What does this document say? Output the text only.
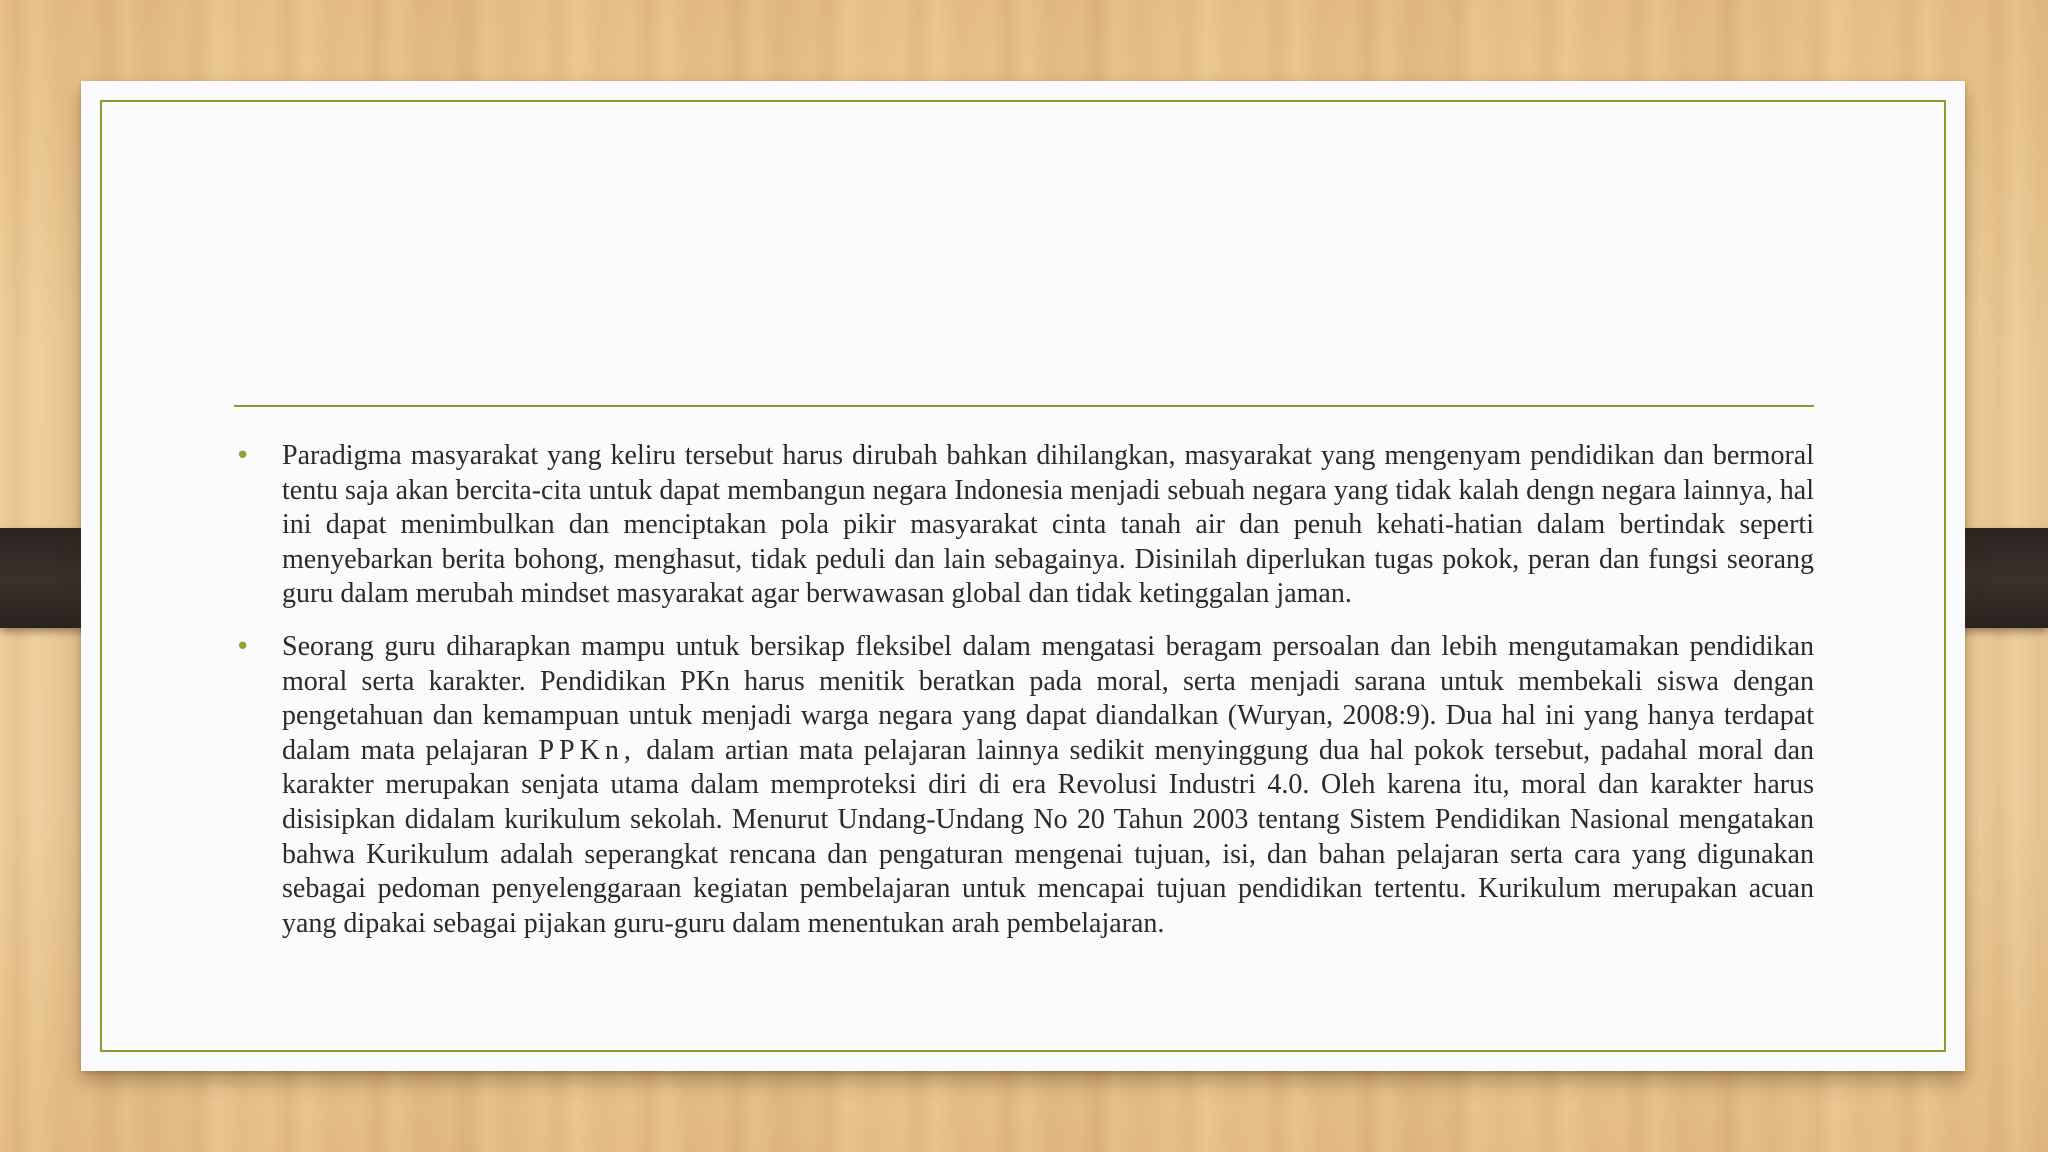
• Paradigma masyarakat yang keliru tersebut harus dirubah bahkan dihilangkan, masyarakat yang mengenyam pendidikan dan bermoral tentu saja akan bercita-cita untuk dapat membangun negara Indonesia menjadi sebuah negara yang tidak kalah dengn negara lainnya, hal ini dapat menimbulkan dan menciptakan pola pikir masyarakat cinta tanah air dan penuh kehati-hatian dalam bertindak seperti menyebarkan berita bohong, menghasut, tidak peduli dan lain sebagainya. Disinilah diperlukan tugas pokok, peran dan fungsi seorang guru dalam merubah mindset masyarakat agar berwawasan global dan tidak ketinggalan jaman.
• Seorang guru diharapkan mampu untuk bersikap fleksibel dalam mengatasi beragam persoalan dan lebih mengutamakan pendidikan moral serta karakter. Pendidikan PKn harus menitik beratkan pada moral, serta menjadi sarana untuk membekali siswa dengan pengetahuan dan kemampuan untuk menjadi warga negara yang dapat diandalkan (Wuryan, 2008:9). Dua hal ini yang hanya terdapat dalam mata pelajaran PPKn, dalam artian mata pelajaran lainnya sedikit menyinggung dua hal pokok tersebut, padahal moral dan karakter merupakan senjata utama dalam memproteksi diri di era Revolusi Industri 4.0. Oleh karena itu, moral dan karakter harus disisipkan didalam kurikulum sekolah. Menurut Undang-Undang No 20 Tahun 2003 tentang Sistem Pendidikan Nasional mengatakan bahwa Kurikulum adalah seperangkat rencana dan pengaturan mengenai tujuan, isi, dan bahan pelajaran serta cara yang digunakan sebagai pedoman penyelenggaraan kegiatan pembelajaran untuk mencapai tujuan pendidikan tertentu. Kurikulum merupakan acuan yang dipakai sebagai pijakan guru-guru dalam menentukan arah pembelajaran.
